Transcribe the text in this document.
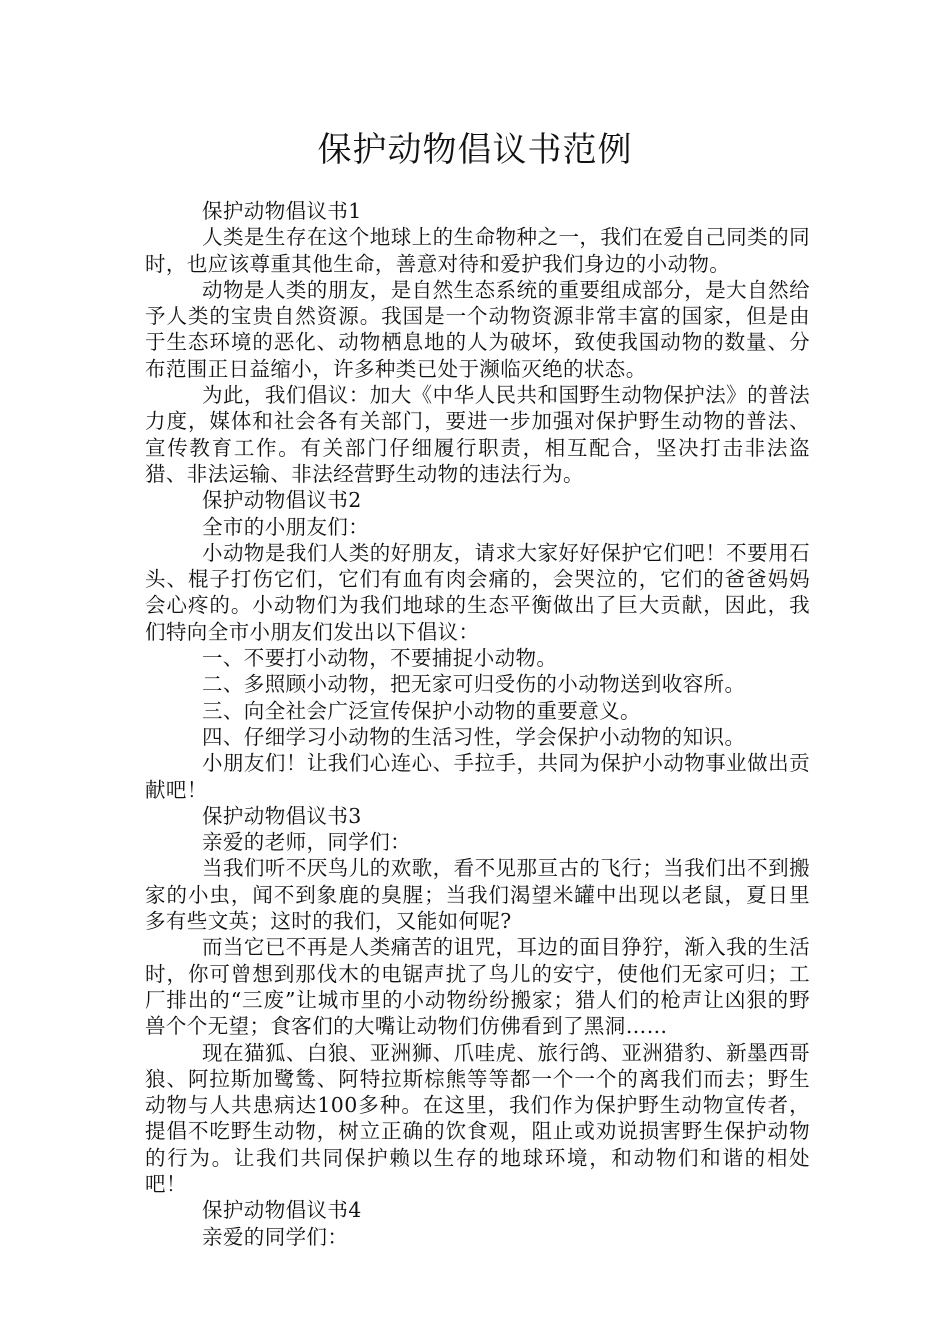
保护动物倡议书范例

保护动物倡议书1

人类是生存在这个地球上的生命物种之一，我们在爱自己同类的同时，也应该尊重其他生命，善意对待和爱护我们身边的小动物。

动物是人类的朋友，是自然生态系统的重要组成部分，是大自然给予人类的宝贵自然资源。我国是一个动物资源非常丰富的国家，但是由于生态环境的恶化、动物栖息地的人为破坏，致使我国动物的数量、分布范围正日益缩小，许多种类已处于濒临灭绝的状态。

为此，我们倡议：加大《中华人民共和国野生动物保护法》的普法力度，媒体和社会各有关部门，要进一步加强对保护野生动物的普法、宣传教育工作。有关部门仔细履行职责，相互配合，坚决打击非法盗猎、非法运输、非法经营野生动物的违法行为。

保护动物倡议书2

全市的小朋友们：

小动物是我们人类的好朋友，请求大家好好保护它们吧！不要用石头、棍子打伤它们，它们有血有肉会痛的，会哭泣的，它们的爸爸妈妈会心疼的。小动物们为我们地球的生态平衡做出了巨大贡献，因此，我们特向全市小朋友们发出以下倡议：

一、不要打小动物，不要捕捉小动物。

二、多照顾小动物，把无家可归受伤的小动物送到收容所。

三、向全社会广泛宣传保护小动物的重要意义。

四、仔细学习小动物的生活习性，学会保护小动物的知识。

小朋友们！让我们心连心、手拉手，共同为保护小动物事业做出贡献吧！

保护动物倡议书3

亲爱的老师，同学们：

当我们听不厌鸟儿的欢歌，看不见那亘古的飞行；当我们出不到搬家的小虫，闻不到象鹿的臭腥；当我们渴望米罐中出现以老鼠，夏日里多有些文英；这时的我们，又能如何呢?

而当它已不再是人类痛苦的诅咒，耳边的面目狰狞，渐入我的生活时，你可曾想到那伐木的电锯声扰了鸟儿的安宁，使他们无家可归；工厂排出的“三废”让城市里的小动物纷纷搬家；猎人们的枪声让凶狠的野兽个个无望；食客们的大嘴让动物们仿佛看到了黑洞……

现在猫狐、白狼、亚洲狮、爪哇虎、旅行鸽、亚洲猎豹、新墨西哥狼、阿拉斯加鹭鸶、阿特拉斯棕熊等等都一个一个的离我们而去；野生动物与人共患病达100多种。在这里，我们作为保护野生动物宣传者，提倡不吃野生动物，树立正确的饮食观，阻止或劝说损害野生保护动物的行为。让我们共同保护赖以生存的地球环境，和动物们和谐的相处吧！

保护动物倡议书4

亲爱的同学们：
